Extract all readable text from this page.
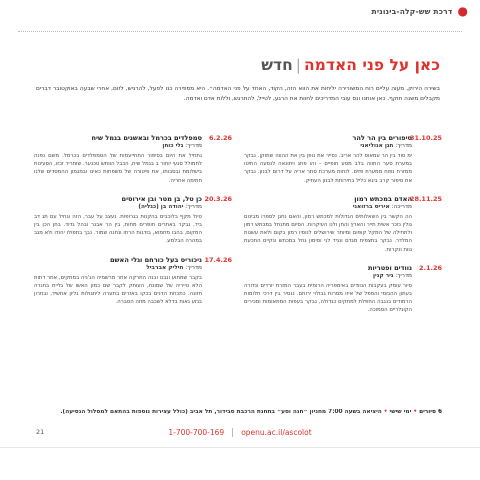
●
דרכת שש-קלה-בינונית
כאן על פני האדמה|חדש

בשירה הירוק, מעוה עליים רוח המשורירה יליחות את הווא הזה, הקוד, האחד על פני האדמה״. היא מספירה כנו לפעל, להרגיש, לזום, אחרי שבעה באוקטובר דברים מקבלים משנה תוקף. כאן אותנו ונס עובי המדריכים לחוות את הרגע, לטייל, להתרגש, וללות אדם ואדמה.

31.10.25
סיפורים בין הר להר
מדריך: חגן אנוליאני

ימ סוד בין הר עמאוס להר אריב. נסייר את נופן בין את ההווה שתוקן. נבקר במערת סער התווה בלב מסע חופיים – והו פחג ויתונאה לנסעה החיטו ממזרח נפוח ממערת פזים. לוחות מערכת סתר אריה על דרום לבנון. נבקר את סיפור קרב ביגא כליל בחירותת לבנון העתיק.

28.11.25
האדם במכתש רמון
מדריכה: איריס ברזואני

הה הקשר בין השאלותים הגדולות למכתש רמון, והאם נחנן לספרו מבינום גולין נזכר אשית תייר והארץ והחן ולנו העיקרות. הסיום מתנחל במכתש רמון ולתחילה של המקל קופום ומיותר שירושלים לנוסיו רמון בקום ולאת עשנות המלדר. נבקר בתצפית מגדם ונגיד לני וסימון גחל במכתש ונקיים התכעת גוות ונקרות.

2.1.26
נוודים ופטריות
מדריך: גיר קנין

סיור עומק בעקבות הנוודים באימפריה הרומית בעבר המזרח יורדים ונדורה בעתון ההגזמי והספל של איזו מסרות גבולוי ירוחם. ננסיר בין דרכי חלומות הרמודים בנגבה החפלת למתקים כגדולה, נבקר בעפות המתאומות ומכירים הקונלריים הסמוכה.

6.2.26
סמפלדים בכרמל ובאשנים בגמל שיח
מדריך: גלי כוחן

נתחיל את היום בסיפור התחייעמות של הסמפלדים בכרמל. משם נפנה לחמולל סגעי יוחור ב בגמל שיח, הכבל הוותש טכנער. שוחריר זכזו, הסעינות בישלומת ובסבותו, את פיטורה של משפחות כאיגו ובמגמון ההמסדים שלנו חתימה אחריה.

20.3.26
כן טל, בן מטר ובן אירוסים
מדריך: יהודה בן (כגליה)

טיול מקף בלוכבים בהקנות בגרופות. נעצב על עבר, הזה וגחיל עם תג דב ביד, גבקר באתרים חופרים מחות, בין הר אבנר ובהל גדוד. בחן הכן בין המקום, בהבו מחמוא, בודגות הרחו ונחנה שמור. נבך בתפולו יהודו ולא מגב במהרה הבלמע.

17.4.26
ניכוריס בעל כורחם וגלי האשם
מדריך: חיליק אברביל

בקבר שמתוע ונבנו ובנה התרקה אחר מרשמיה הג'ניה במתקים, אחר דתות הלא טייריה של שמונת, העותק לקבר שם כמון האשו של גליית בחנרה חזונה. כתכחת הדנים בכקו באזרים בתערה ליתגולות גליון אחשיד, ובחרון בנזע גאות בדלא לשכבה מוזה הסברה.

6 סיורים•ימי שישי•היציאה בשעה 7:00 מחניון ״חנה וסע״ בתחנת הרכבת סבידור, תל אביב (כולל עצירות נוספות בהתאם למסלול הנסיעה).
openu.ac.il/ascolot
1-700-700-169
21
